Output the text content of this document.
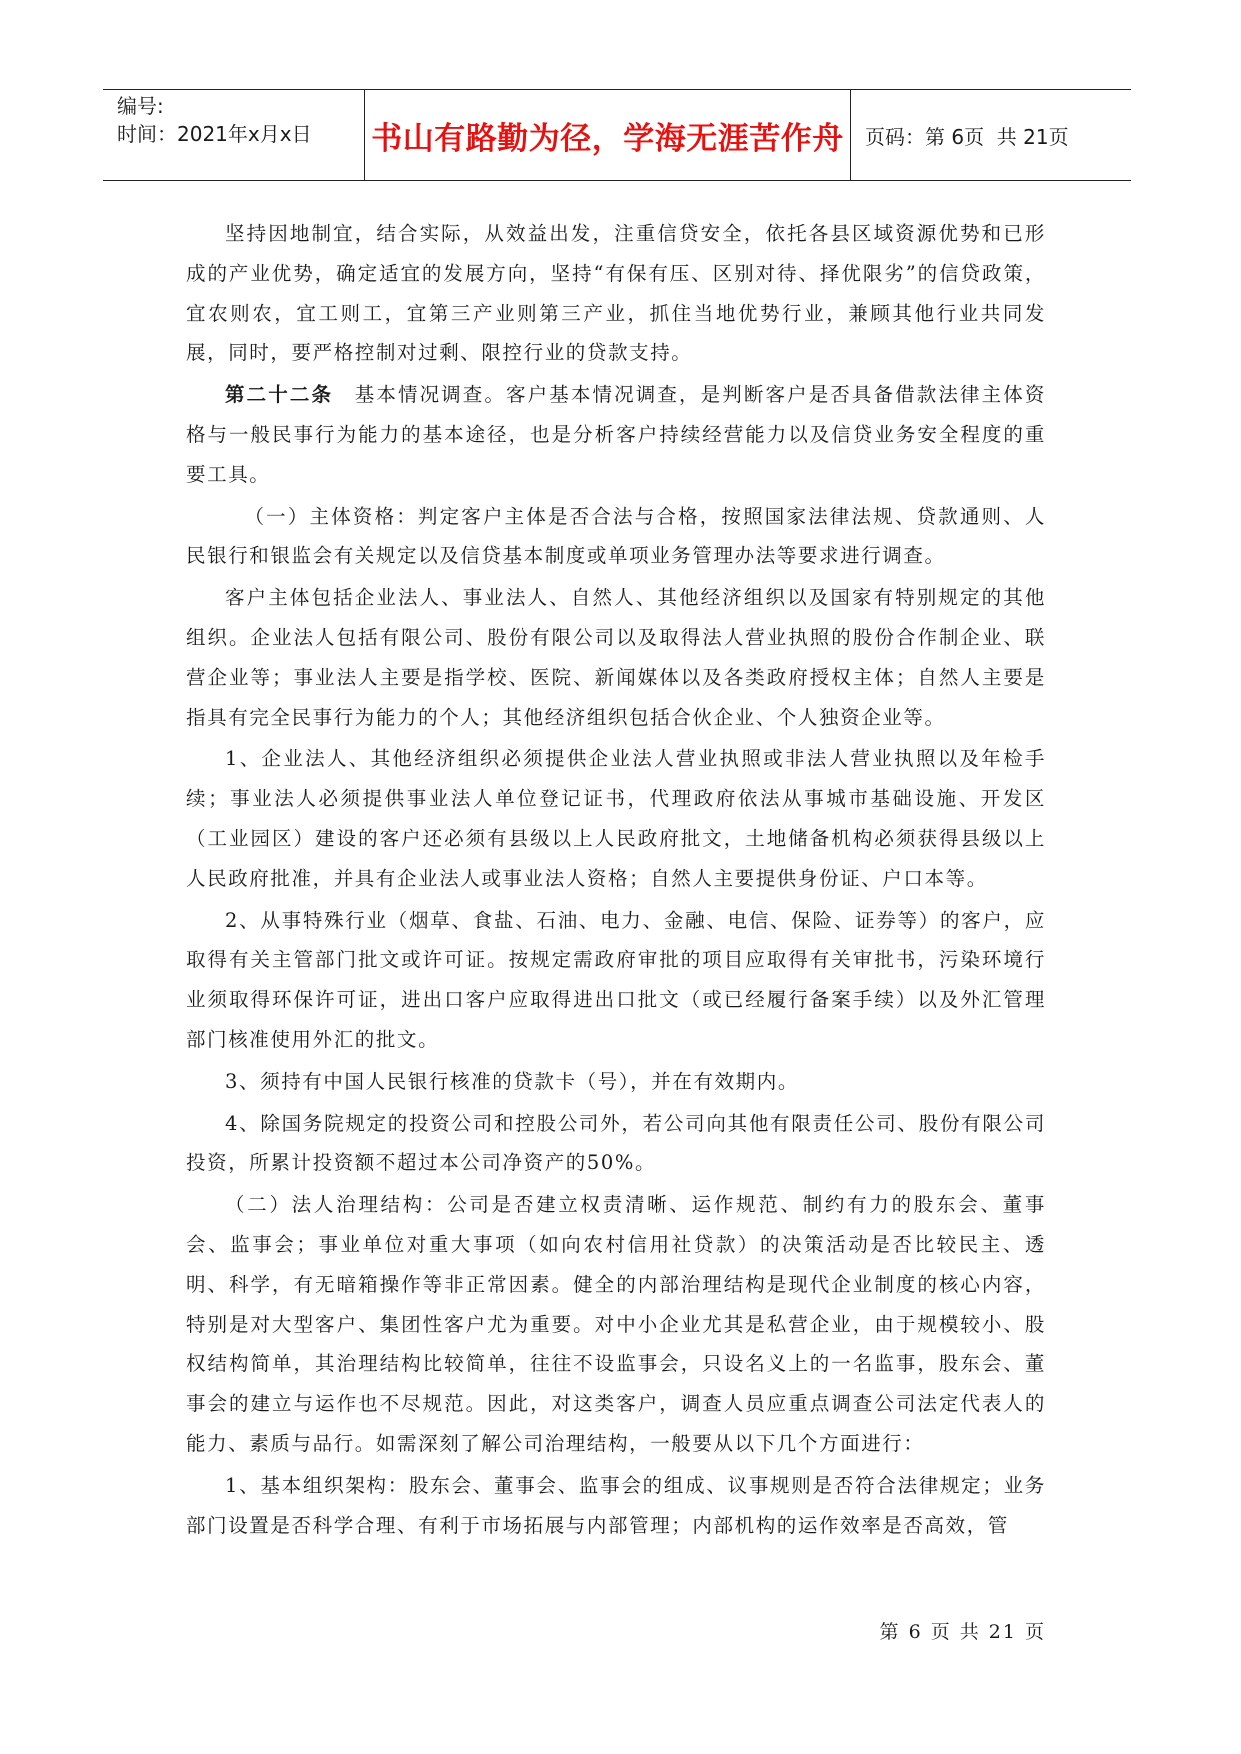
编号:
时间：2021年x月x日	书山有路勤为径，学海无涯苦作舟	页码：第 6页  共 21页

坚持因地制宜，结合实际，从效益出发，注重信贷安全，依托各县区域资源优势和已形成的产业优势，确定适宜的发展方向，坚持“有保有压、区别对待、择优限劣”的信贷政策，宜农则农，宜工则工，宜第三产业则第三产业，抓住当地优势行业，兼顾其他行业共同发展，同时，要严格控制对过剩、限控行业的贷款支持。

第二十二条　基本情况调查。客户基本情况调查，是判断客户是否具备借款法律主体资格与一般民事行为能力的基本途径，也是分析客户持续经营能力以及信贷业务安全程度的重要工具。

（一）主体资格：判定客户主体是否合法与合格，按照国家法律法规、贷款通则、人民银行和银监会有关规定以及信贷基本制度或单项业务管理办法等要求进行调查。

客户主体包括企业法人、事业法人、自然人、其他经济组织以及国家有特别规定的其他组织。企业法人包括有限公司、股份有限公司以及取得法人营业执照的股份合作制企业、联营企业等；事业法人主要是指学校、医院、新闻媒体以及各类政府授权主体；自然人主要是指具有完全民事行为能力的个人；其他经济组织包括合伙企业、个人独资企业等。

1、企业法人、其他经济组织必须提供企业法人营业执照或非法人营业执照以及年检手续；事业法人必须提供事业法人单位登记证书，代理政府依法从事城市基础设施、开发区（工业园区）建设的客户还必须有县级以上人民政府批文，土地储备机构必须获得县级以上人民政府批准，并具有企业法人或事业法人资格；自然人主要提供身份证、户口本等。

2、从事特殊行业（烟草、食盐、石油、电力、金融、电信、保险、证券等）的客户，应取得有关主管部门批文或许可证。按规定需政府审批的项目应取得有关审批书，污染环境行业须取得环保许可证，进出口客户应取得进出口批文（或已经履行备案手续）以及外汇管理部门核准使用外汇的批文。

3、须持有中国人民银行核准的贷款卡（号），并在有效期内。

4、除国务院规定的投资公司和控股公司外，若公司向其他有限责任公司、股份有限公司投资，所累计投资额不超过本公司净资产的50%。

（二）法人治理结构：公司是否建立权责清晰、运作规范、制约有力的股东会、董事会、监事会；事业单位对重大事项（如向农村信用社贷款）的决策活动是否比较民主、透明、科学，有无暗箱操作等非正常因素。健全的内部治理结构是现代企业制度的核心内容，特别是对大型客户、集团性客户尤为重要。对中小企业尤其是私营企业，由于规模较小、股权结构简单，其治理结构比较简单，往往不设监事会，只设名义上的一名监事，股东会、董事会的建立与运作也不尽规范。因此，对这类客户，调查人员应重点调查公司法定代表人的能力、素质与品行。如需深刻了解公司治理结构，一般要从以下几个方面进行：

1、基本组织架构：股东会、董事会、监事会的组成、议事规则是否符合法律规定；业务部门设置是否科学合理、有利于市场拓展与内部管理；内部机构的运作效率是否高效，管

第 6 页 共 21 页
